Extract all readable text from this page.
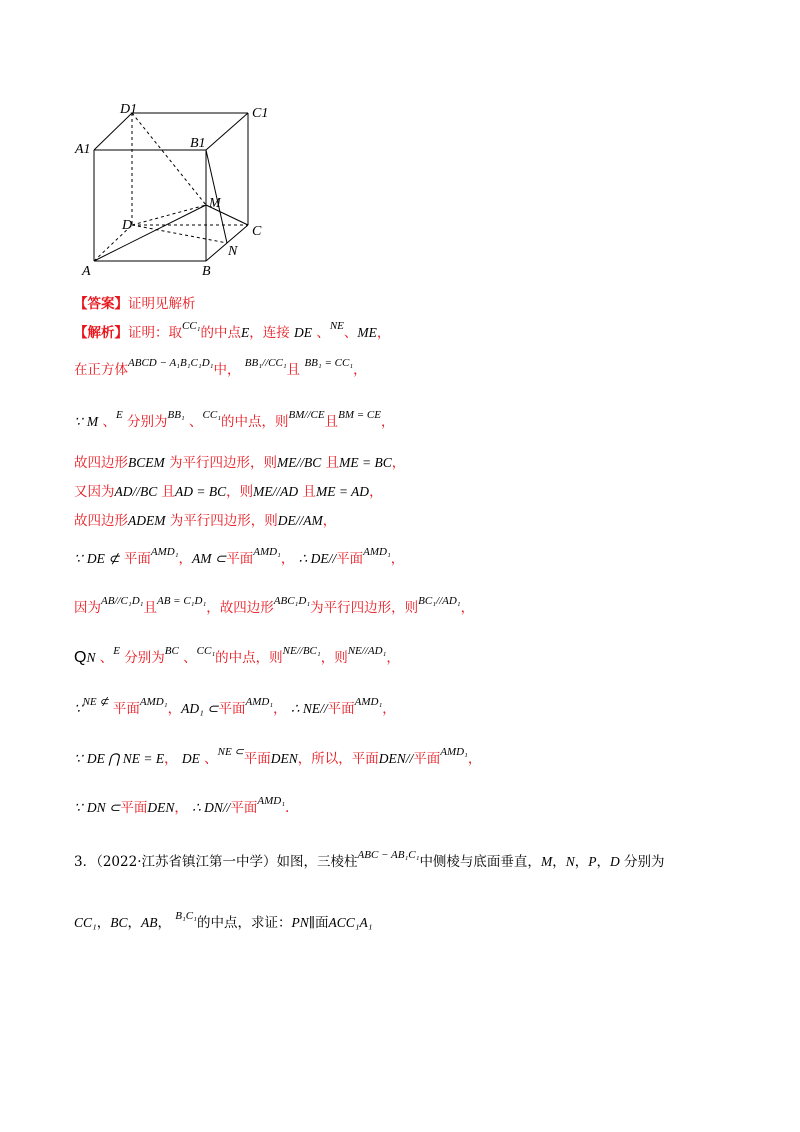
D1	C1
A1	B1
M
D	C
N
A	B
【答案】证明见解析
【解析】证明：取$^{CC_1}$的中点E，连接 DE 、$^{NE}$、ME，
在正方体$^{ABCD - A_1B_1C_1D_1}$中， $^{BB_1//CC_1}$且 $^{BB_1 = CC_1}$，
∵ M 、$^E$ 分别为$^{BB_1}$ 、$^{CC_1}$的中点，则$^{BM//CE}$且$^{BM = CE}$，
故四边形BCEM 为平行四边形，则ME//BC 且ME = BC，
又因为AD//BC 且AD = BC，则ME//AD 且ME = AD，
故四边形ADEM 为平行四边形，则DE//AM，
∵ DE ⊄ 平面$^{AMD_1}$，AM ⊂平面$^{AMD_1}$， ∴ DE//平面$^{AMD_1}$，
因为$^{AB//C_1D_1}$且$^{AB = C_1D_1}$，故四边形$^{ABC_1D_1}$为平行四边形，则$^{BC_1//AD_1}$，
QN 、$^E$ 分别为$^{BC}$ 、$^{CC_1}$的中点，则$^{NE//BC_1}$，则$^{NE//AD_1}$，
∵$^{NE ⊄}$ 平面$^{AMD_1}$，AD₁ ⊂平面$^{AMD_1}$， ∴ NE//平面$^{AMD_1}$，
∵ DE ⋂ NE = E， DE 、$^{NE \subset}$平面DEN，所以，平面DEN//平面$^{AMD_1}$，
∵ DN ⊂平面DEN， ∴ DN//平面$^{AMD_1}$.
3．（2022·江苏省镇江第一中学）如图，三棱柱$^{ABC - AB_1C_1}$中侧棱与底面垂直，M，N，P，D 分别为
CC₁，BC，AB， $^{B_1C_1}$的中点，求证：PN∥面ACC₁A₁
